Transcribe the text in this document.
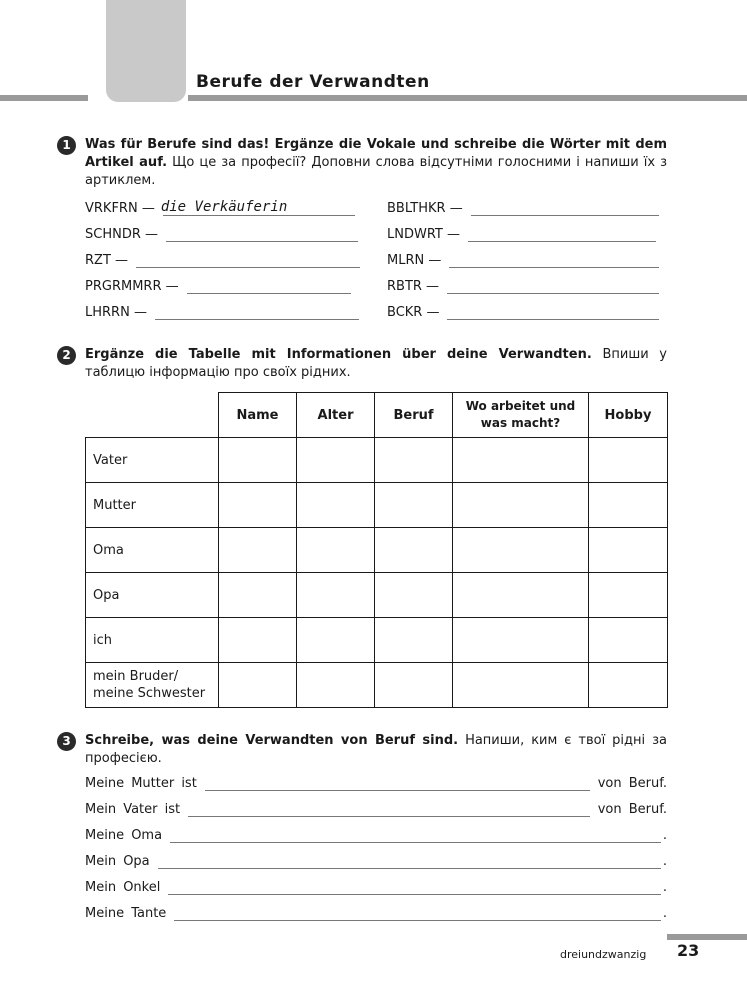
Berufe der Verwandten
1	Was für Berufe sind das! Ergänze die Vokale und schreibe die Wörter mit dem Artikel auf. Що це за професії? Доповни слова відсутніми голосними і напиши їх з артиклем.
VRKFRN — die Verkäuferin
SCHNDR —
RZT —
PRGRMMRR —
LHRRN —
BBLTHKR —
LNDWRT —
MLRN —
RBTR —
BCKR —
2	Ergänze die Tabelle mit Informationen über deine Verwandten. Впиши у таблицю інформацію про своїх рідних.
	Name	Alter	Beruf	Wo arbeitet und was macht?	Hobby
Vater					
Mutter					
Oma					
Opa					
ich					
mein Bruder/ meine Schwester					
3	Schreibe, was deine Verwandten von Beruf sind. Напиши, ким є твої рідні за професією.
Meine Mutter ist	von Beruf.
Mein Vater ist	von Beruf.
Meine Oma	.
Mein Opa	.
Mein Onkel	.
Meine Tante	.
dreiundzwanzig 23
